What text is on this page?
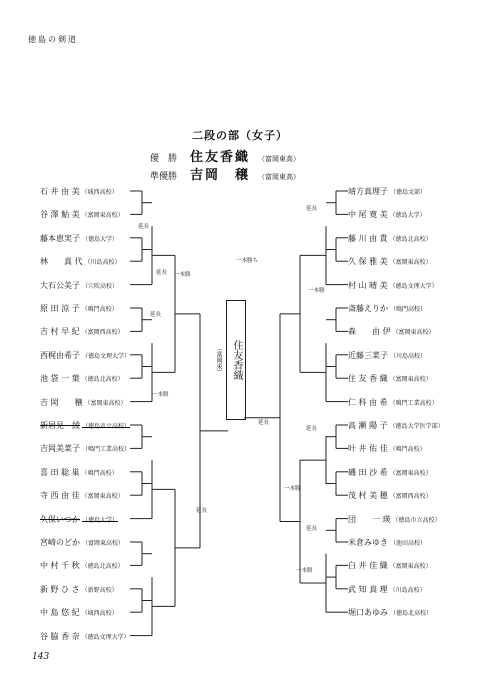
徳島の剣道
二段の部（女子）
優　勝 住友香織 （富岡東高）
準優勝 吉岡　穣 （富岡東高）
石 井 由 美 （城西高校）
谷 澤 鮎 美 （富岡東高校）
藤本恵実子 （徳島大学）
林　　真 代 （川島高校）
大石公美子 （穴吹高校）
原 田 涼 子 （鳴門高校）
吉 村 早 紀 （富岡西高校）
西梶由希子 （徳島文理大学）
池 袋 一 葉 （徳島北高校）
吉 岡　　穣 （富岡東高校）
新居見　綾 （徳島市立高校）
吉岡美菜子 （鳴門工業高校）
喜 田 聡 巣 （鳴門高校）
寺 西 由 佳 （富岡東高校）
久保いつか （徳島大学）
宮崎のどか （富岡東高校）
中 村 千 秋 （徳島北高校）
新 野 ひ さ （新野高校）
中 島 悠 紀 （城西高校）
谷 脇 香 奈 （徳島文理大学）
靖方真理子 （徳島文部）
中 尾 寛 美 （徳島大学）
藤 川 由 貴 （徳島北高校）
久 保 雅 美 （富岡東高校）
村 山 晴 美 （徳島文理大学）
斎藤えりか （鳴門高校）
森　　由 伊 （富岡東高校）
近藤三菜子 （川島高校）
住 友 香 織 （富岡東高校）
仁 科 由 希 （鳴門工業高校）
高 瀬 陽 子 （徳島大学医学部）
叶 井 佑 佳 （鳴門高校）
磯 田 沙 希 （富岡東高校）
茂 村 美 穂 （富岡西高校）
団　　一 瑛 （徳島市立高校）
米倉みゆき （池田高校）
白 井 佳 織 （富岡東高校）
武 知 真 理 （川島高校）
堀口あゆみ （徳島北高校）
住友香織
（富岡東）
延長
延長
延長
延長
延長
延長
延長
延長
一本勝
一本勝
一本勝
一本勝
一本勝
一本勝ち
143
